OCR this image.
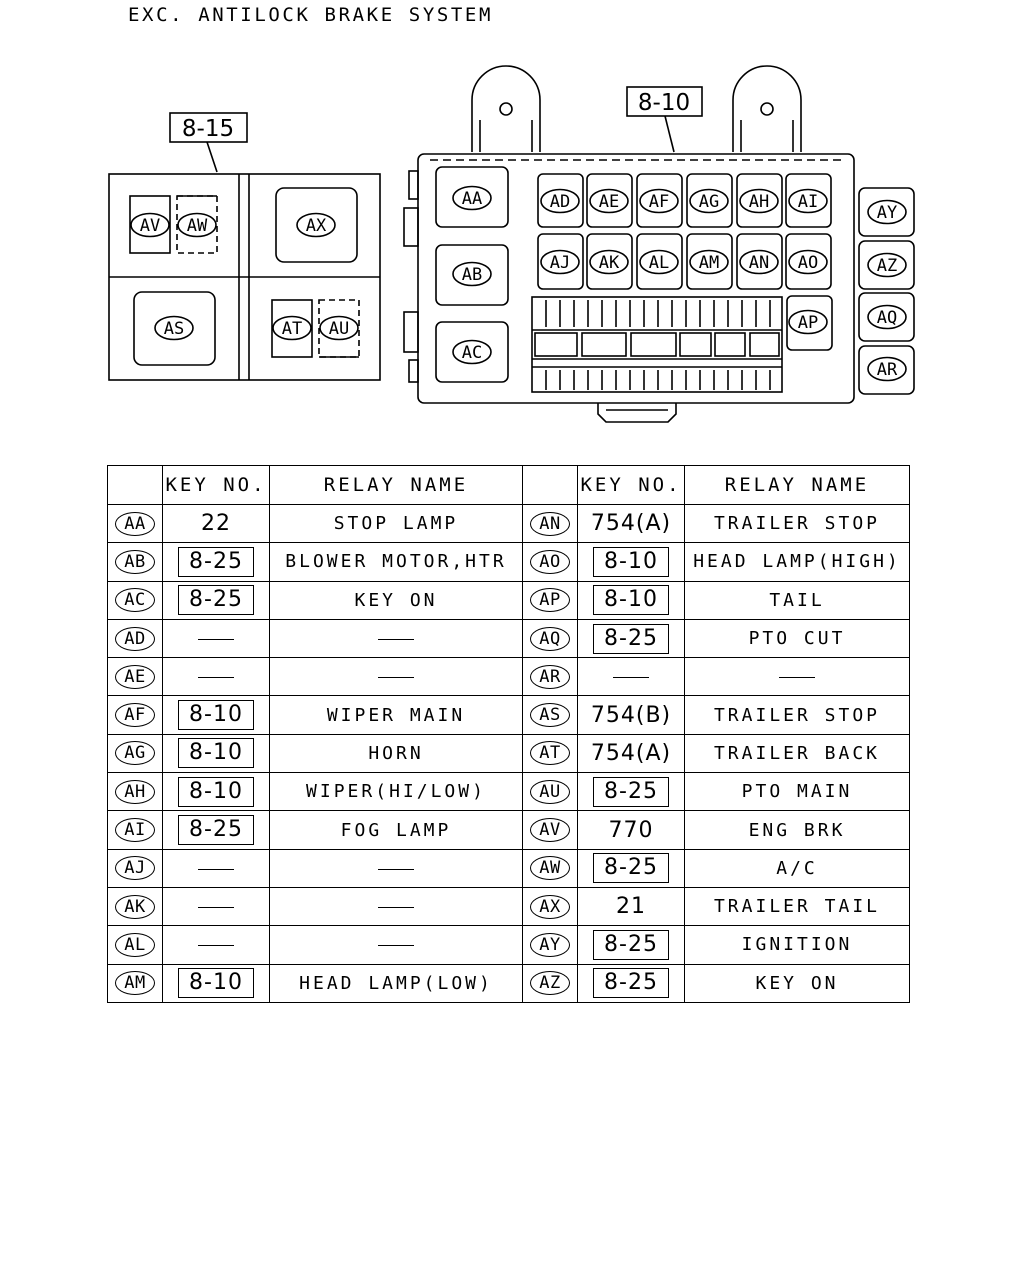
EXC. ANTILOCK BRAKE SYSTEM
8-15
8-10
AV AW	AX
AS	AT AU
AA
AB
AC
AD AE AF AG AH AI
AJ AK AL AM AN AO
AP
AY
AZ
AQ
AR
	KEY NO.	RELAY NAME		KEY NO.	RELAY NAME
AA	22	STOP LAMP	AN	754(A)	TRAILER STOP
AB	8-25	BLOWER MOTOR,HTR	AO	8-10	HEAD LAMP(HIGH)
AC	8-25	KEY ON	AP	8-10	TAIL
AD			AQ	8-25	PTO CUT
AE			AR		
AF	8-10	WIPER MAIN	AS	754(B)	TRAILER STOP
AG	8-10	HORN	AT	754(A)	TRAILER BACK
AH	8-10	WIPER(HI/LOW)	AU	8-25	PTO MAIN
AI	8-25	FOG LAMP	AV	770	ENG BRK
AJ			AW	8-25	A/C
AK			AX	21	TRAILER TAIL
AL			AY	8-25	IGNITION
AM	8-10	HEAD LAMP(LOW)	AZ	8-25	KEY ON
